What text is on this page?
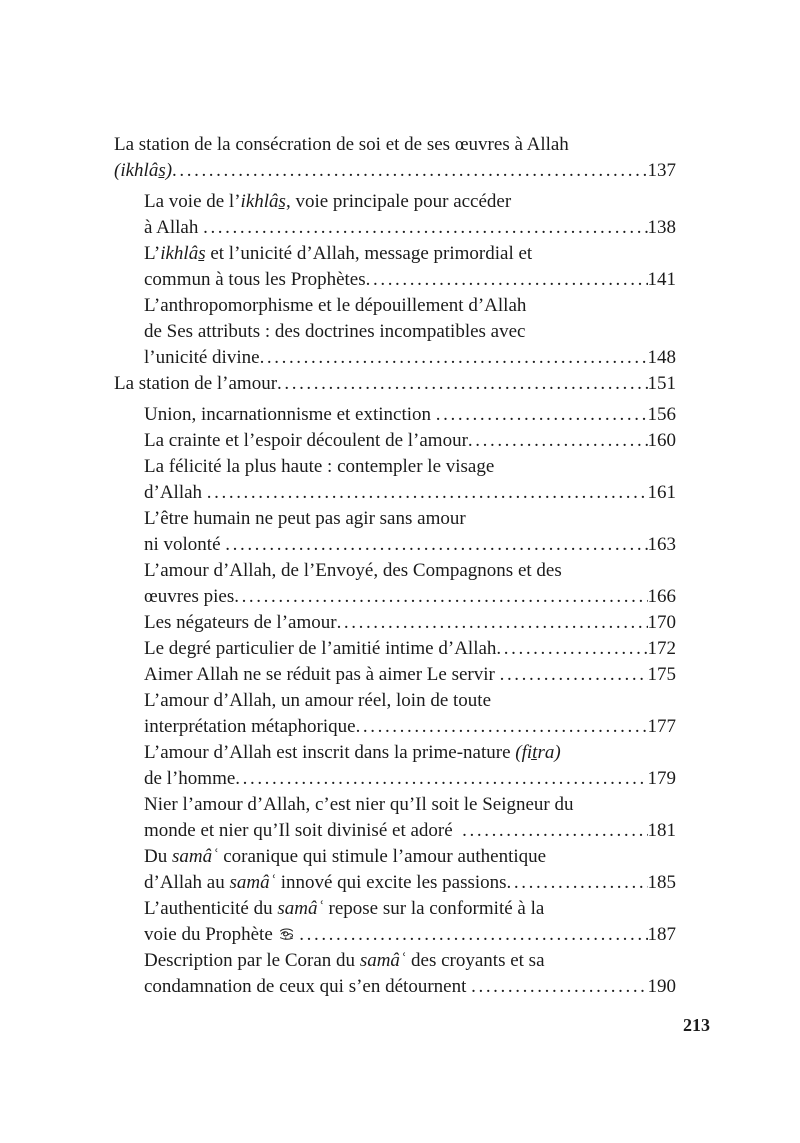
La station de la consécration de soi et de ses œuvres à Allah
(ikhlâs̱) .....	137
La voie de l’ikhlâs̱, voie principale pour accéder
à Allah .....	138
L’ikhlâs̱ et l’unicité d’Allah, message primordial et
commun à tous les Prophètes .....	141
L’anthropomorphisme et le dépouillement d’Allah
de Ses attributs : des doctrines incompatibles avec
l’unicité divine .....	148
La station de l’amour .....	151
Union, incarnationnisme et extinction .....	156
La crainte et l’espoir découlent de l’amour .....	160
La félicité la plus haute : contempler le visage
d’Allah .....	161
L’être humain ne peut pas agir sans amour
ni volonté .....	163
L’amour d’Allah, de l’Envoyé, des Compagnons et des
œuvres pies .....	166
Les négateurs de l’amour .....	170
Le degré particulier de l’amitié intime d’Allah .....	172
Aimer Allah ne se réduit pas à aimer Le servir .....	175
L’amour d’Allah, un amour réel, loin de toute
interprétation métaphorique .....	177
L’amour d’Allah est inscrit dans la prime-nature (fiṯra)
de l’homme .....	179
Nier l’amour d’Allah, c’est nier qu’Il soit le Seigneur du
monde et nier qu’Il soit divinisé et adoré .....	181
Du samâʿ coranique qui stimule l’amour authentique
d’Allah au samâʿ innové qui excite les passions .....	185
L’authenticité du samâʿ repose sur la conformité à la
voie du Prophète .....	187
Description par le Coran du samâʿ des croyants et sa
condamnation de ceux qui s’en détournent .....	190
213
